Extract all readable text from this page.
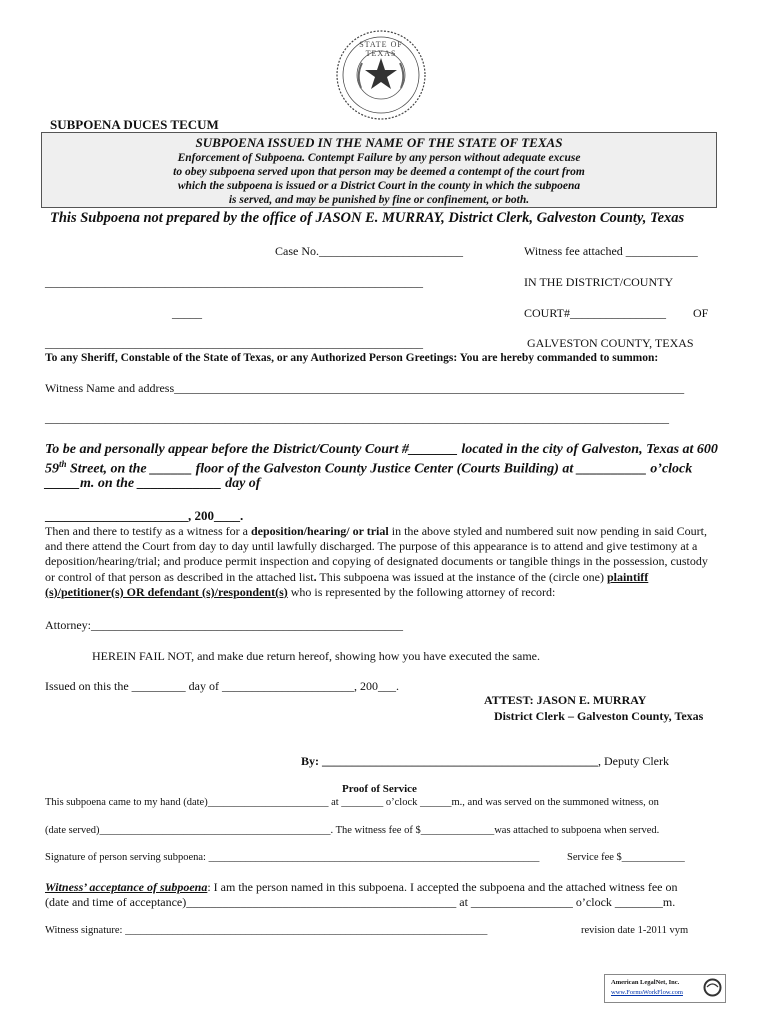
STATE OF TEXAS
SUBPOENA DUCES TECUM
SUBPOENA ISSUED IN THE NAME OF THE STATE OF TEXAS
Enforcement of Subpoena. Contempt Failure by any person without adequate excuse
to obey subpoena served upon that person may be deemed a contempt of the court from
which the subpoena is issued or a District Court in the county in which the subpoena
is served, and may be punished by fine or confinement, or both.
This Subpoena not prepared by the office of JASON E. MURRAY, District Clerk, Galveston County, Texas
Case No.________________________	Witness fee attached ____________
_______________________________________________________________	IN THE DISTRICT/COUNTY
_____	COURT#________________ OF
_______________________________________________________________	GALVESTON COUNTY, TEXAS
To any Sheriff, Constable of the State of Texas, or any Authorized Person Greetings: You are hereby commanded to summon:
Witness Name and address_____________________________________________________________________________________
________________________________________________________________________________________________________
To be and personally appear before the District/County Court #_______ located in the city of Galveston, Texas at 600
59th Street, on the ______ floor of the Galveston County Justice Center (Courts Building) at __________ o’clock
_____m. on the ____________ day of
______________________, 200____.
Then and there to testify as a witness for a deposition/hearing/ or trial in the above styled and numbered suit now pending in said Court, and there attend the Court from day to day until lawfully discharged. The purpose of this appearance is to attend and give testimony at a deposition/hearing/trial; and produce permit inspection and copying of designated documents or tangible things in the possession, custody or control of that person as described in the attached list. This subpoena was issued at the instance of the (circle one) plaintiff (s)/petitioner(s) OR defendant (s)/respondent(s) who is represented by the following attorney of record:
Attorney:____________________________________________________
HEREIN FAIL NOT, and make due return hereof, showing how you have executed the same.
Issued on this the _________ day of ______________________, 200___.
ATTEST: JASON E. MURRAY
District Clerk – Galveston County, Texas
By: ______________________________________________, Deputy Clerk
Proof of Service
This subpoena came to my hand (date)_______________________ at ________ o’clock ______m., and was served on the summoned witness, on
(date served)____________________________________________. The witness fee of $______________was attached to subpoena when served.
Signature of person serving subpoena: _______________________________________________________________	Service fee $____________
Witness’ acceptance of subpoena: I am the person named in this subpoena. I accepted the subpoena and the attached witness fee on
(date and time of acceptance)_____________________________________________ at _________________ o’clock ________m.
Witness signature: _____________________________________________________________________	revision date 1-2011 vym
American LegalNet, Inc.
www.FormsWorkFlow.com
